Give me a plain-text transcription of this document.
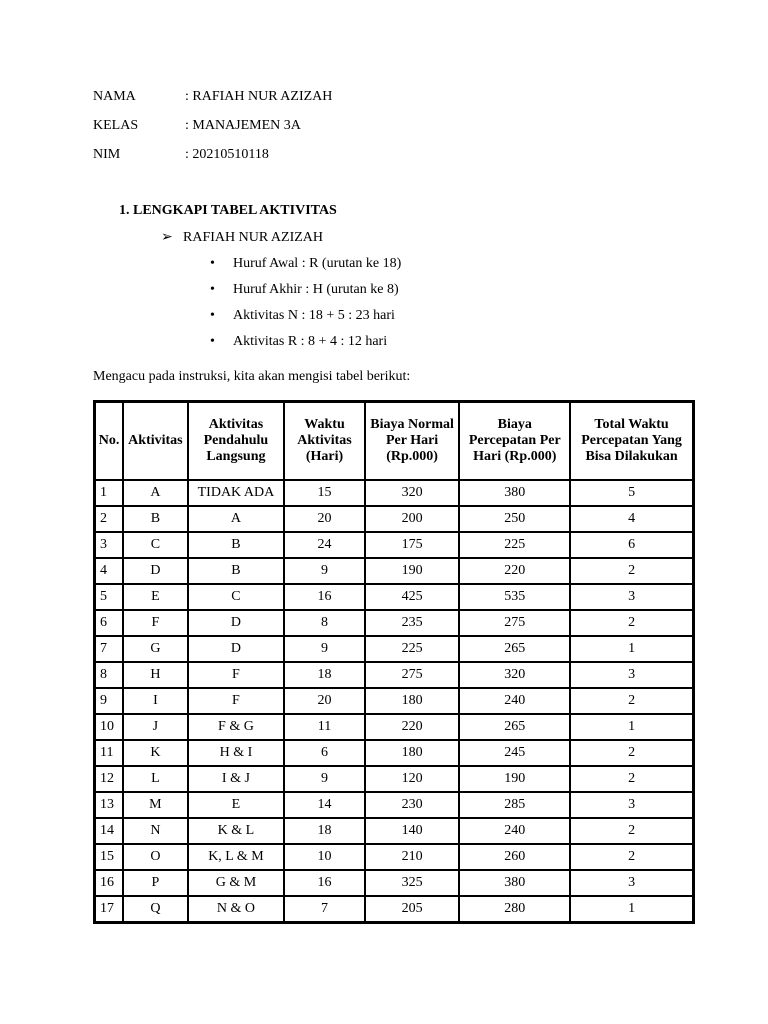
NAMA	: RAFIAH NUR AZIZAH
KELAS	: MANAJEMEN 3A
NIM	: 20210510118
1. LENGKAPI TABEL AKTIVITAS
➢ RAFIAH NUR AZIZAH
• Huruf Awal : R (urutan ke 18)
• Huruf Akhir : H (urutan ke 8)
• Aktivitas N : 18 + 5 : 23 hari
• Aktivitas R : 8 + 4 : 12 hari
Mengacu pada instruksi, kita akan mengisi tabel berikut:
No.	Aktivitas	Aktivitas Pendahulu Langsung	Waktu Aktivitas (Hari)	Biaya Normal Per Hari (Rp.000)	Biaya Percepatan Per Hari (Rp.000)	Total Waktu Percepatan Yang Bisa Dilakukan
1	A	TIDAK ADA	15	320	380	5
2	B	A	20	200	250	4
3	C	B	24	175	225	6
4	D	B	9	190	220	2
5	E	C	16	425	535	3
6	F	D	8	235	275	2
7	G	D	9	225	265	1
8	H	F	18	275	320	3
9	I	F	20	180	240	2
10	J	F & G	11	220	265	1
11	K	H & I	6	180	245	2
12	L	I & J	9	120	190	2
13	M	E	14	230	285	3
14	N	K & L	18	140	240	2
15	O	K, L & M	10	210	260	2
16	P	G & M	16	325	380	3
17	Q	N & O	7	205	280	1
